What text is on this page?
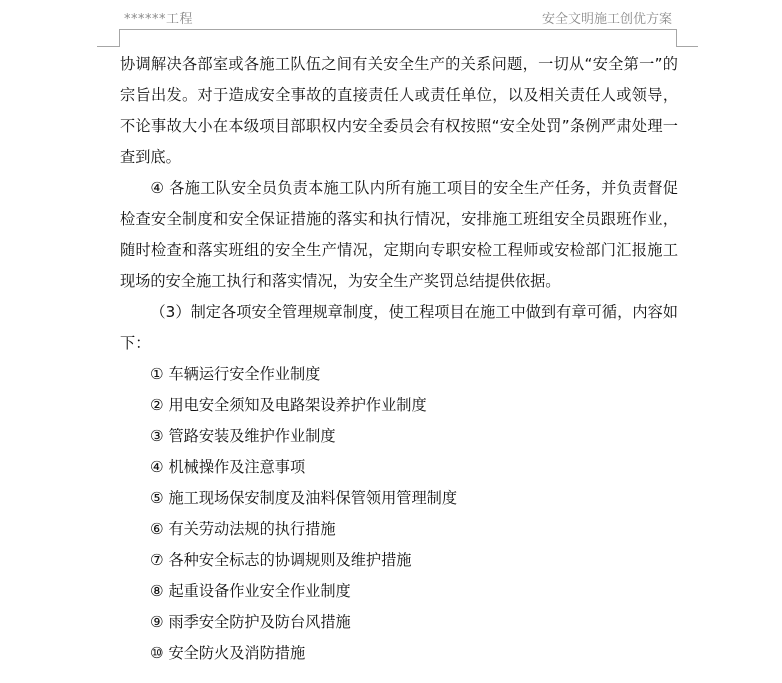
******工程	安全文明施工创优方案

协调解决各部室或各施工队伍之间有关安全生产的关系问题，一切从“安全第一”的宗旨出发。对于造成安全事故的直接责任人或责任单位，以及相关责任人或领导，不论事故大小在本级项目部职权内安全委员会有权按照“安全处罚”条例严肃处理一查到底。

④ 各施工队安全员负责本施工队内所有施工项目的安全生产任务，并负责督促检查安全制度和安全保证措施的落实和执行情况，安排施工班组安全员跟班作业，随时检查和落实班组的安全生产情况，定期向专职安检工程师或安检部门汇报施工现场的安全施工执行和落实情况，为安全生产奖罚总结提供依据。

（3）制定各项安全管理规章制度，使工程项目在施工中做到有章可循，内容如下：

① 车辆运行安全作业制度
② 用电安全须知及电路架设养护作业制度
③ 管路安装及维护作业制度
④ 机械操作及注意事项
⑤ 施工现场保安制度及油料保管领用管理制度
⑥ 有关劳动法规的执行措施
⑦ 各种安全标志的协调规则及维护措施
⑧ 起重设备作业安全作业制度
⑨ 雨季安全防护及防台风措施
⑩ 安全防火及消防措施
